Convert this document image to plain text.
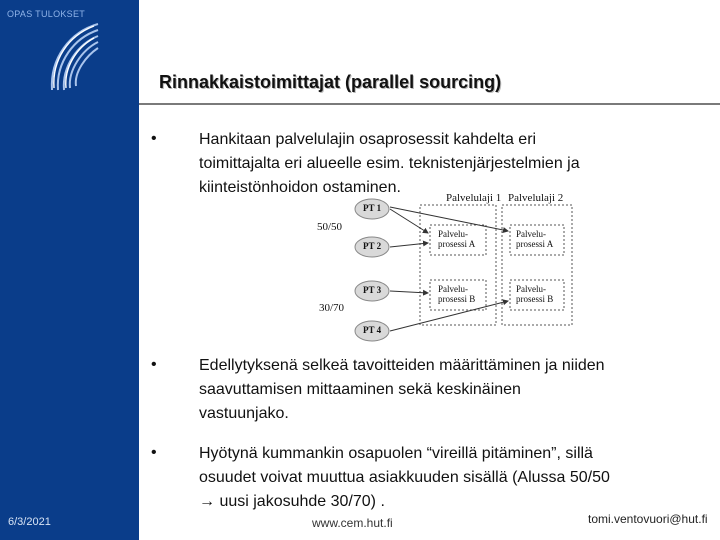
OPAS TULOKSET
6/3/2021
Rinnakkaistoimittajat (parallel sourcing)
•	Hankitaan palvelulajin osaprosessit kahdelta eri
toimittajalta eri alueelle esim. teknistenjärjestelmien ja
kiinteistönhoidon ostaminen.
Palvelulaji 1 Palvelulaji 2
50/50
30/70
PT 1
PT 2
PT 3
PT 4
Palvelu-
prosessi A
Palvelu-
prosessi A
Palvelu-
prosessi B
Palvelu-
prosessi B
•	Edellytyksenä selkeä tavoitteiden määrittäminen ja niiden
saavuttamisen mittaaminen sekä keskinäinen
vastuunjako.
•	Hyötynä kummankin osapuolen “vireillä pitäminen”, sillä
osuudet voivat muuttua asiakkuuden sisällä (Alussa 50/50
→ uusi jakosuhde 30/70) .
www.cem.hut.fi	tomi.ventovuori@hut.fi
